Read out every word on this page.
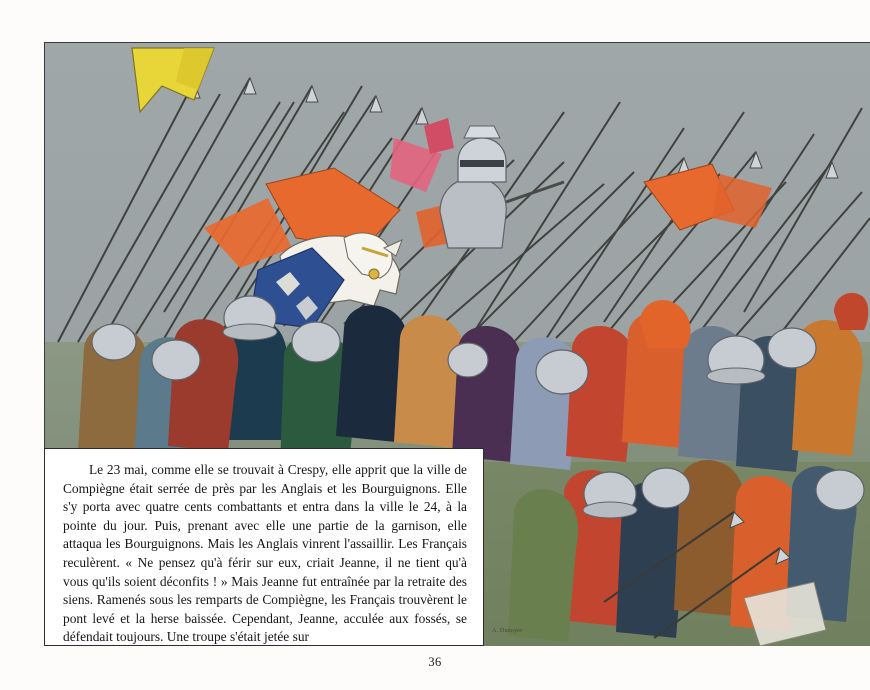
A. Dunoyer

Le 23 mai, comme elle se trouvait à Crespy, elle apprit que la ville de Compiègne était serrée de près par les Anglais et les Bourguignons. Elle s'y porta avec quatre cents combattants et entra dans la ville le 24, à la pointe du jour. Puis, prenant avec elle une partie de la garnison, elle attaqua les Bourguignons. Mais les Anglais vinrent l'assaillir. Les Français reculèrent. « Ne pensez qu'à férir sur eux, criait Jeanne, il ne tient qu'à vous qu'ils soient déconfits ! » Mais Jeanne fut entraînée par la retraite des siens. Ramenés sous les remparts de Compiègne, les Français trouvèrent le pont levé et la herse baissée. Cependant, Jeanne, acculée aux fossés, se défendait toujours. Une troupe s'était jetée sur

36
